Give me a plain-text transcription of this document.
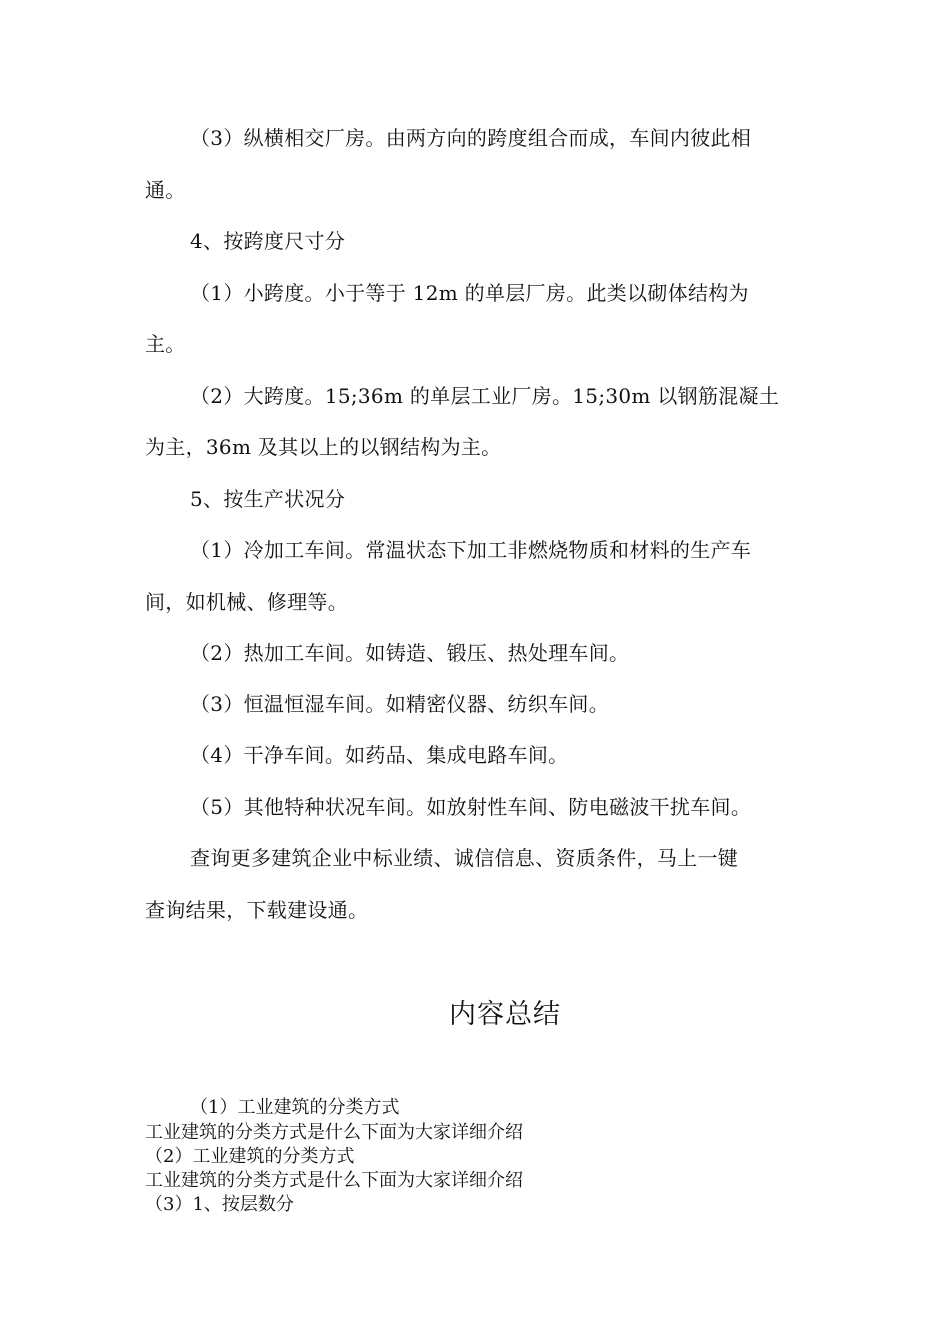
（3）纵横相交厂房。由两方向的跨度组合而成，车间内彼此相
通。
4、按跨度尺寸分
（1）小跨度。小于等于 12m 的单层厂房。此类以砌体结构为
主。
（2）大跨度。15;36m 的单层工业厂房。15;30m 以钢筋混凝土
为主，36m 及其以上的以钢结构为主。
5、按生产状况分
（1）冷加工车间。常温状态下加工非燃烧物质和材料的生产车
间，如机械、修理等。
（2）热加工车间。如铸造、锻压、热处理车间。
（3）恒温恒湿车间。如精密仪器、纺织车间。
（4）干净车间。如药品、集成电路车间。
（5）其他特种状况车间。如放射性车间、防电磁波干扰车间。
查询更多建筑企业中标业绩、诚信信息、资质条件，马上一键
查询结果，下载建设通。
内容总结
（1）工业建筑的分类方式
工业建筑的分类方式是什么下面为大家详细介绍
（2）工业建筑的分类方式
工业建筑的分类方式是什么下面为大家详细介绍
（3）1、按层数分
